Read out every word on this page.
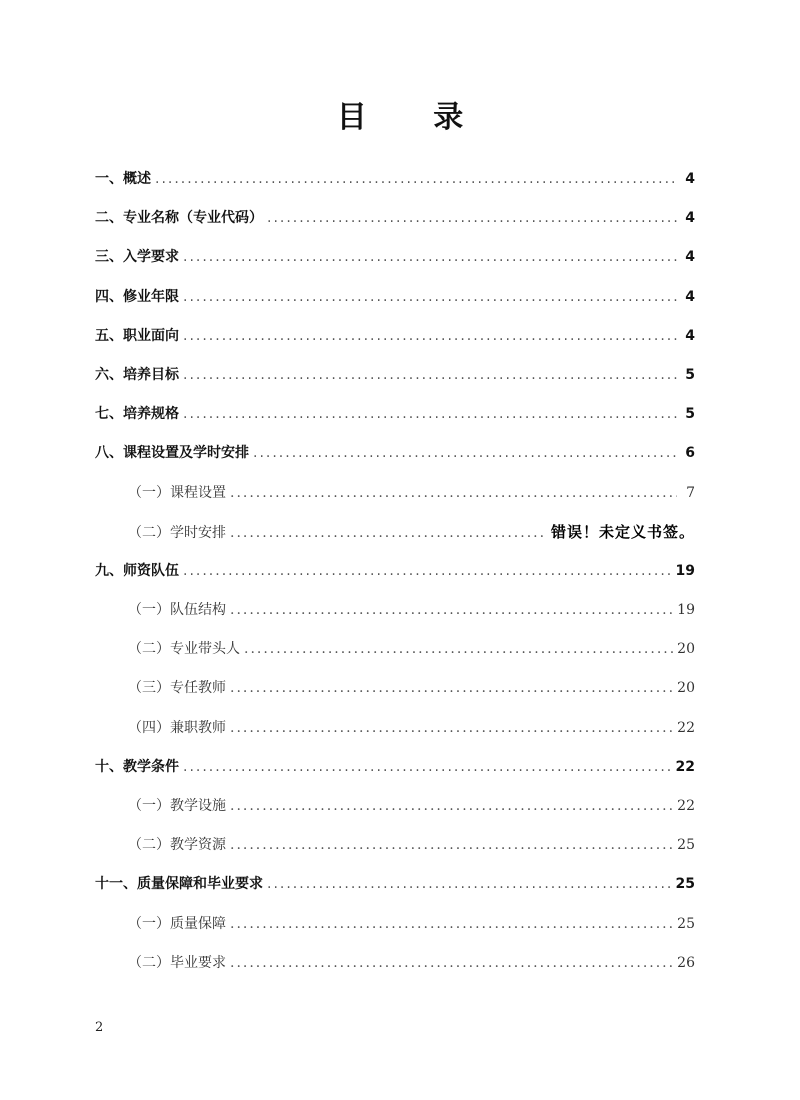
目 录
一、概述 .....	4
二、专业名称（专业代码） .....	4
三、入学要求 .....	4
四、修业年限 .....	4
五、职业面向 .....	4
六、培养目标 .....	5
七、培养规格 .....	5
八、课程设置及学时安排 .....	6
（一）课程设置 .....	7
（二）学时安排 .....	错误！未定义书签。
九、师资队伍 .....	19
（一）队伍结构 .....	19
（二）专业带头人 .....	20
（三）专任教师 .....	20
（四）兼职教师 .....	22
十、教学条件 .....	22
（一）教学设施 .....	22
（二）教学资源 .....	25
十一、质量保障和毕业要求 .....	25
（一）质量保障 .....	25
（二）毕业要求 .....	26
2
